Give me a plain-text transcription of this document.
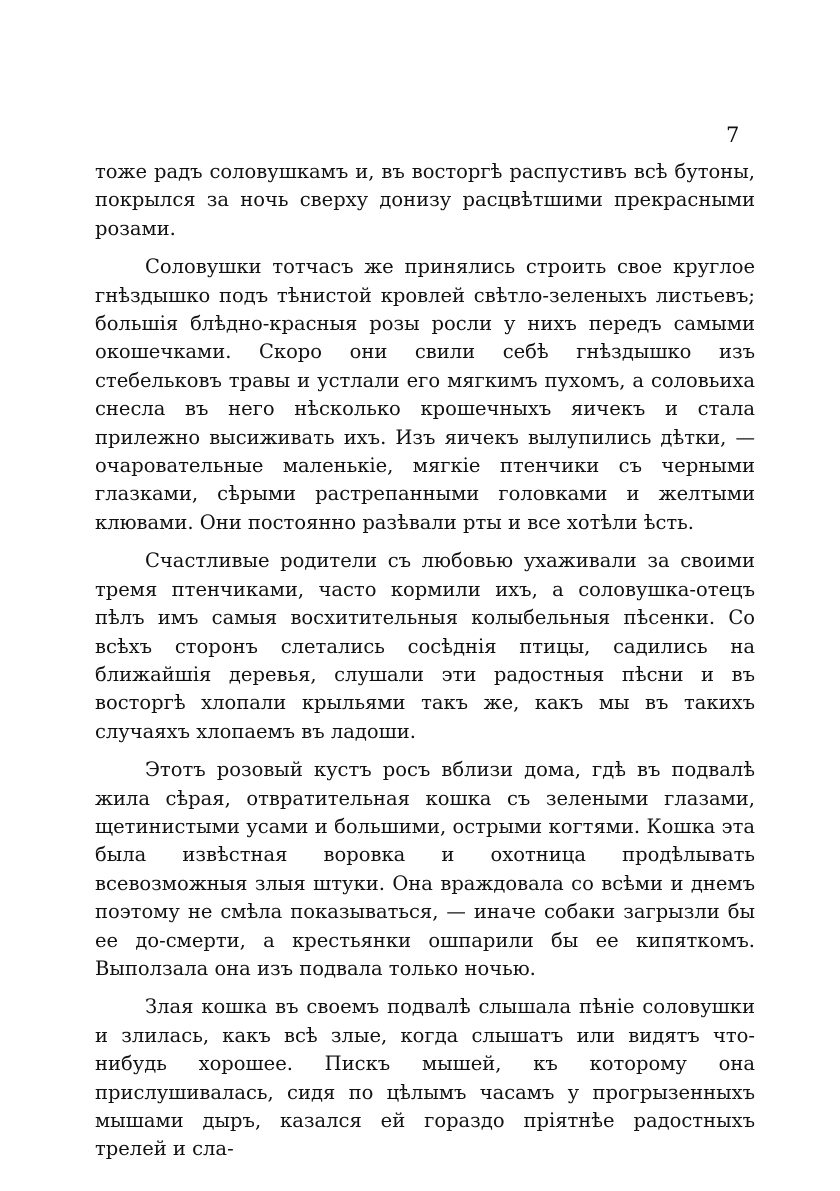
7

тоже радъ соловушкамъ и, въ восторгѣ распустивъ всѣ бутоны, покрылся за ночь сверху донизу расцвѣтшими прекрасными розами.

Соловушки тотчасъ же принялись строить свое круглое гнѣздышко подъ тѣнистой кровлей свѣтло-зеленыхъ листьевъ; большія блѣдно-красныя розы росли у нихъ передъ самыми окошечками. Скоро они свили себѣ гнѣздышко изъ стебельковъ травы и устлали его мягкимъ пухомъ, а соловьиха снесла въ него нѣсколько крошечныхъ яичекъ и стала прилежно высиживать ихъ. Изъ яичекъ вылупились дѣтки, — очаровательные маленькіе, мягкіе птенчики съ черными глазками, сѣрыми растрепанными головками и желтыми клювами. Они постоянно разѣвали рты и все хотѣли ѣсть.

Счастливые родители съ любовью ухаживали за своими тремя птенчиками, часто кормили ихъ, а соловушка-отецъ пѣлъ имъ самыя восхитительныя колыбельныя пѣсенки. Со всѣхъ сторонъ слетались сосѣднія птицы, садились на ближайшія деревья, слушали эти радостныя пѣсни и въ восторгѣ хлопали крыльями такъ же, какъ мы въ такихъ случаяхъ хлопаемъ въ ладоши.

Этотъ розовый кустъ росъ вблизи дома, гдѣ въ подвалѣ жила сѣрая, отвратительная кошка съ зелеными глазами, щетинистыми усами и большими, острыми когтями. Кошка эта была извѣстная воровка и охотница продѣлывать всевозможныя злыя штуки. Она враждовала со всѣми и днемъ поэтому не смѣла показываться, — иначе собаки загрызли бы ее до-смерти, а крестьянки ошпарили бы ее кипяткомъ. Выползала она изъ подвала только ночью.

Злая кошка въ своемъ подвалѣ слышала пѣніе соловушки и злилась, какъ всѣ злые, когда слышатъ или видятъ что-нибудь хорошее. Пискъ мышей, къ которому она прислушивалась, сидя по цѣлымъ часамъ у прогрызенныхъ мышами дыръ, казался ей гораздо пріятнѣе радостныхъ трелей и сла-
